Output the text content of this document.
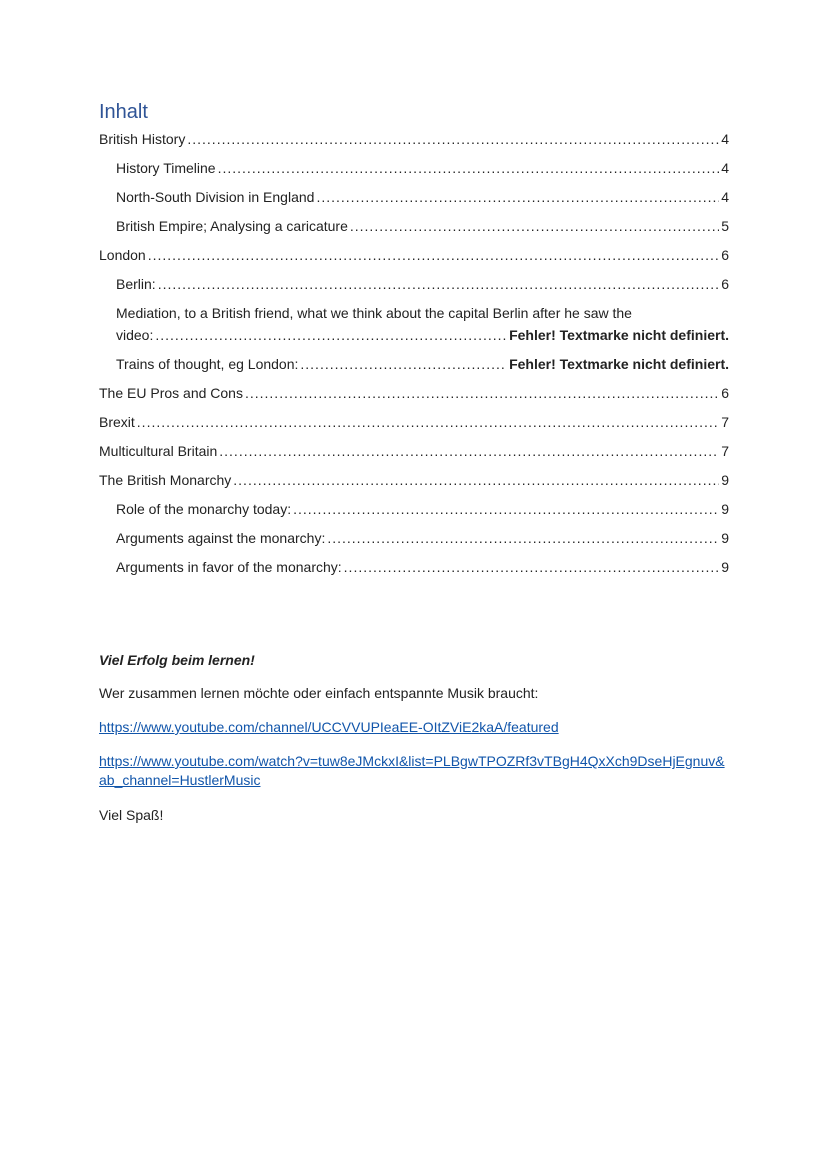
Inhalt
British History .....	4
History Timeline .....	4
North-South Division in England .....	4
British Empire; Analysing a caricature .....	5
London .....	6
Berlin: .....	6
Mediation, to a British friend, what we think about the capital Berlin after he saw the
video: .....	Fehler! Textmarke nicht definiert.
Trains of thought, eg London: .....	Fehler! Textmarke nicht definiert.
The EU Pros and Cons .....	6
Brexit .....	7
Multicultural Britain .....	7
The British Monarchy .....	9
Role of the monarchy today: .....	9
Arguments against the monarchy: .....	9
Arguments in favor of the monarchy: .....	9

Viel Erfolg beim lernen!

Wer zusammen lernen möchte oder einfach entspannte Musik braucht:

https://www.youtube.com/channel/UCCVVUPIeaEE-OItZViE2kaA/featured
https://www.youtube.com/watch?v=tuw8eJMckxI&list=PLBgwTPOZRf3vTBgH4QxXch9DseHjEgnuv&ab_channel=HustlerMusic

Viel Spaß!
